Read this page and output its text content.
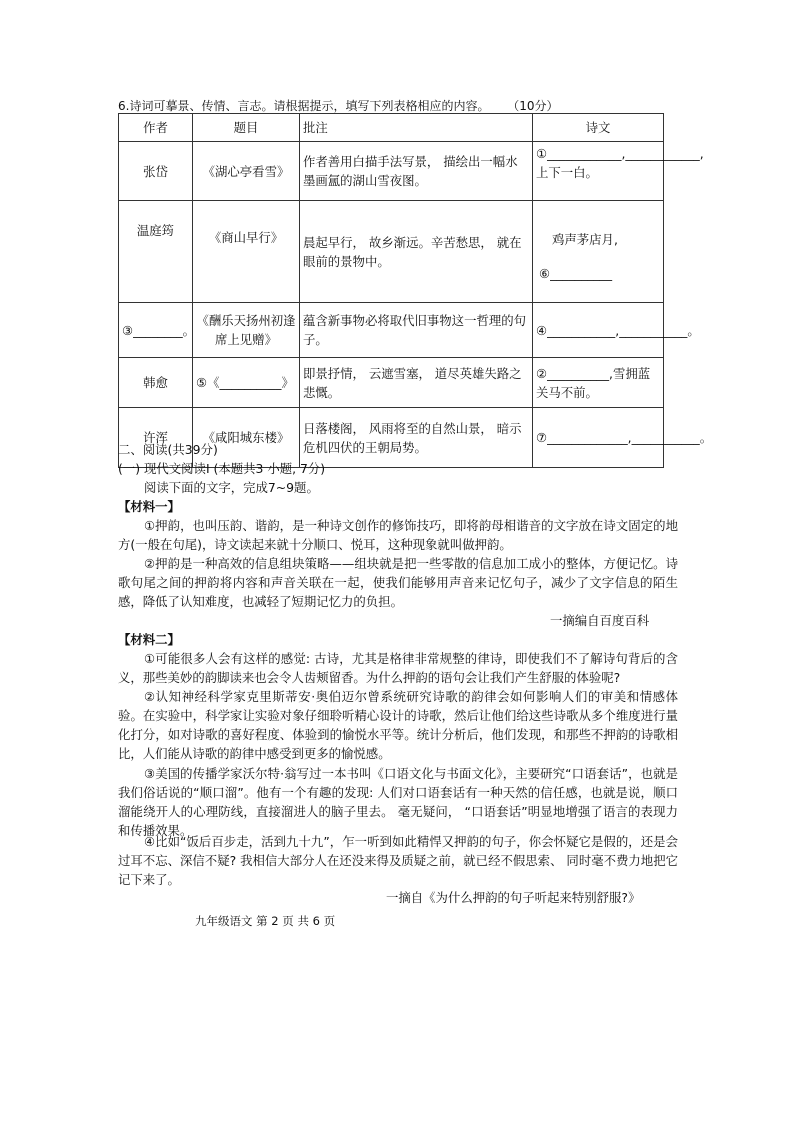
6.诗词可摹景、传情、言志。请根据提示，填写下列表格相应的内容。 （10分）
作者	题目	批注	诗文
张岱	《湖心亭看雪》	作者善用白描手法写景， 描绘出一幅水墨画氲的湖山雪夜图。	①____________,____________,上下一白。
温庭筠	《商山早行》	晨起早行， 故乡渐远。辛苦愁思， 就在眼前的景物中。	鸡声茅店月,
⑥__________

③________。	《酬乐天扬州初逢席上见赠》	蕴含新事物必将取代旧事物这一哲理的句子。	④___________,___________。
韩愈	⑤《__________》	即景抒情， 云遮雪塞， 道尽英雄失路之悲慨。	②__________,雪拥蓝关马不前。
许浑	《咸阳城东楼》	日落楼阁， 风雨将至的自然山景， 暗示危机四伏的王朝局势。	⑦_____________,___________。
二、阅读(共39分)
(一) 现代文阅读Ⅰ (本题共3 小题, 7分)
阅读下面的文字，完成7~9题。
【材料一】
①押韵，也叫压韵、谐韵，是一种诗文创作的修饰技巧，即将韵母相谐音的文字放在诗文固定的地方(一般在句尾)，诗文读起来就十分顺口、悦耳，这种现象就叫做押韵。
②押韵是一种高效的信息组块策略——组块就是把一些零散的信息加工成小的整体，方便记忆。诗歌句尾之间的押韵将内容和声音关联在一起，使我们能够用声音来记忆句子，减少了文字信息的陌生感，降低了认知难度，也减轻了短期记忆力的负担。
一摘编自百度百科
【材料二】
①可能很多人会有这样的感觉: 古诗，尤其是格律非常规整的律诗，即使我们不了解诗句背后的含义，那些美妙的韵脚读来也会令人齿颊留香。为什么押韵的语句会让我们产生舒服的体验呢?
②认知神经科学家克里斯蒂安·奥伯迈尔曾系统研究诗歌的韵律会如何影响人们的审美和情感体验。在实验中，科学家让实验对象仔细聆听精心设计的诗歌，然后让他们给这些诗歌从多个维度进行量化打分，如对诗歌的喜好程度、体验到的愉悦水平等。统计分析后，他们发现，和那些不押韵的诗歌相比，人们能从诗歌的韵律中感受到更多的愉悦感。
③美国的传播学家沃尔特·翁写过一本书叫《口语文化与书面文化》，主要研究“口语套话”，也就是我们俗话说的“顺口溜”。他有一个有趣的发现: 人们对口语套话有一种天然的信任感，也就是说，顺口溜能绕开人的心理防线，直接溜进人的脑子里去。 毫无疑问， “口语套话”明显地增强了语言的表现力和传播效果。
④比如“饭后百步走，活到九十九”，乍一听到如此精悍又押韵的句子，你会怀疑它是假的，还是会过耳不忘、深信不疑? 我相信大部分人在还没来得及质疑之前，就已经不假思索、 同时毫不费力地把它记下来了。
一摘自《为什么押韵的句子听起来特别舒服?》
九年级语文 第 2 页 共 6 页
